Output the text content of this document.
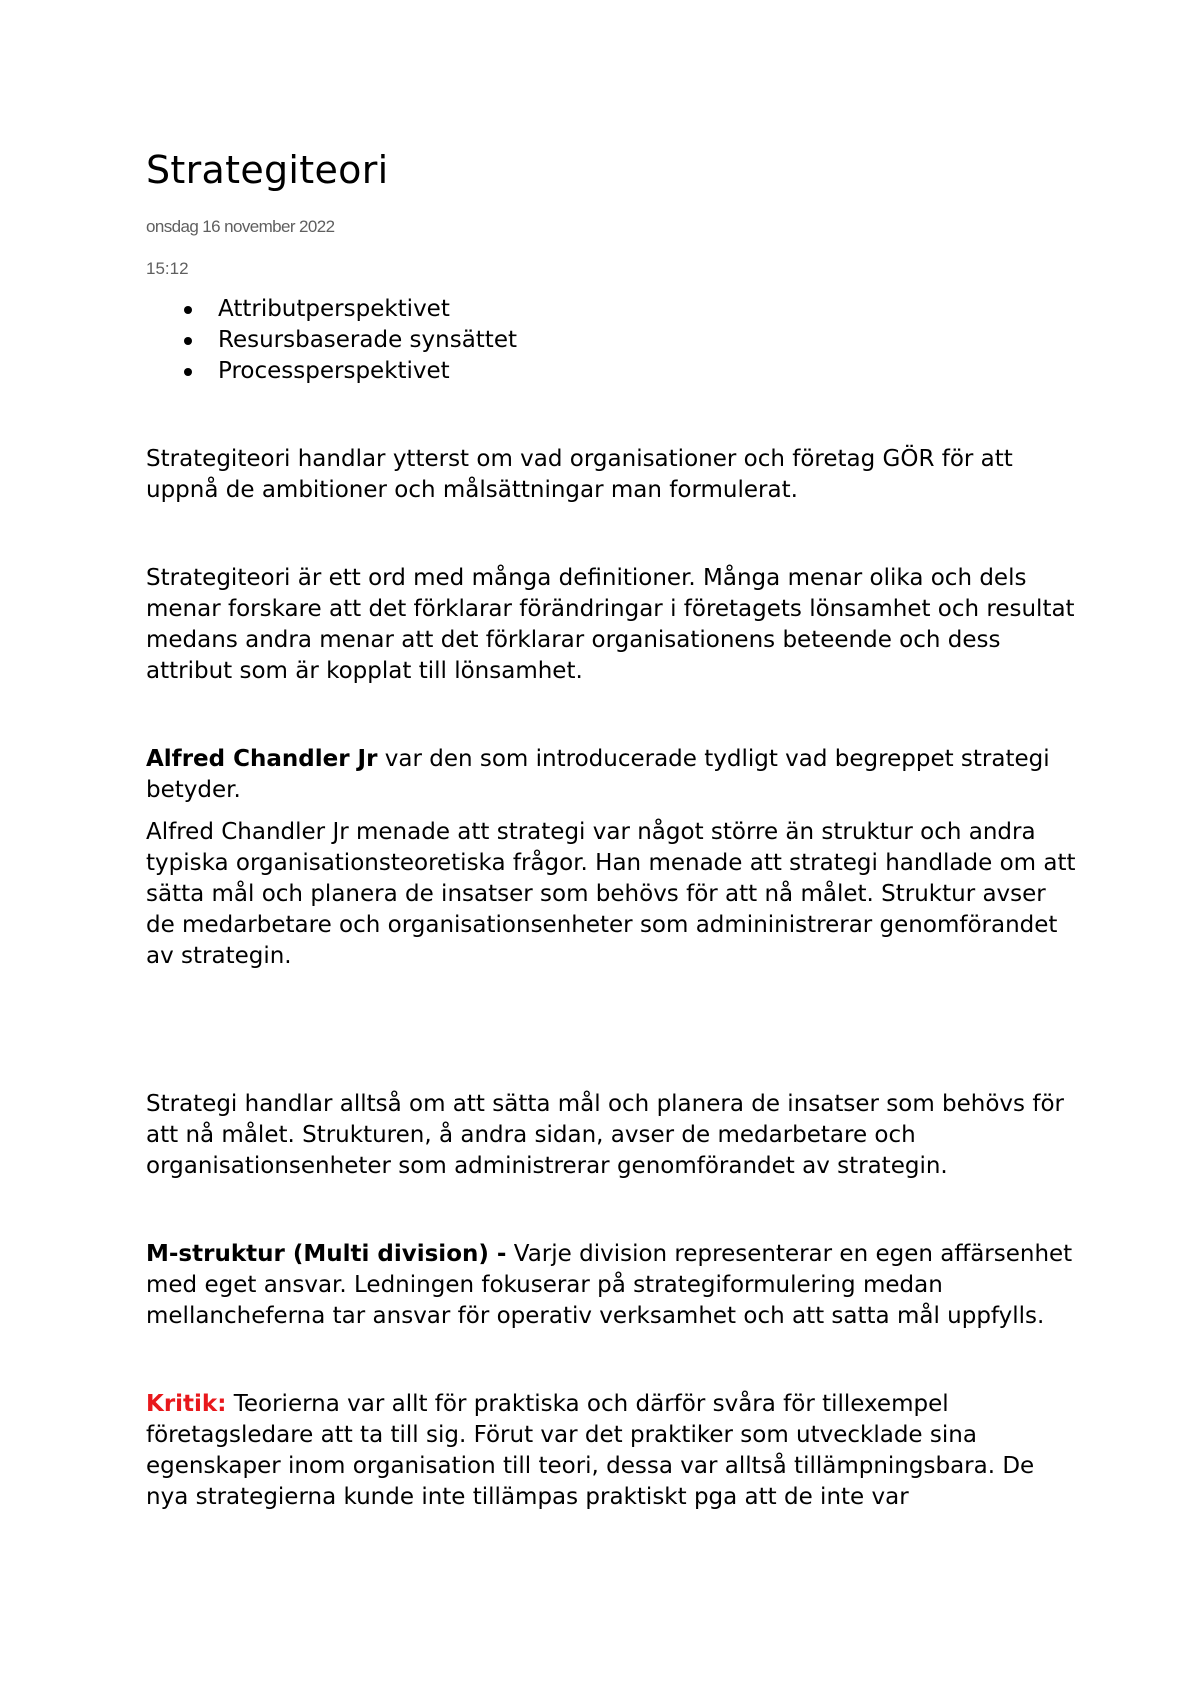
Strategiteori

onsdag 16 november 2022

15:12

Attributperspektivet
Resursbaserade synsättet
Processperspektivet

Strategiteori handlar ytterst om vad organisationer och företag GÖR för att uppnå de ambitioner och målsättningar man formulerat.

Strategiteori är ett ord med många definitioner. Många menar olika och dels menar forskare att det förklarar förändringar i företagets lönsamhet och resultat medans andra menar att det förklarar organisationens beteende och dess attribut som är kopplat till lönsamhet.

Alfred Chandler Jr var den som introducerade tydligt vad begreppet strategi betyder.

Alfred Chandler Jr menade att strategi var något större än struktur och andra typiska organisationsteoretiska frågor. Han menade att strategi handlade om att sätta mål och planera de insatser som behövs för att nå målet. Struktur avser de medarbetare och organisationsenheter som admininistrerar genomförandet av strategin.

Strategi handlar alltså om att sätta mål och planera de insatser som behövs för att nå målet. Strukturen, å andra sidan, avser de medarbetare och organisationsenheter som administrerar genomförandet av strategin.

M-struktur (Multi division) - Varje division representerar en egen affärsenhet med eget ansvar. Ledningen fokuserar på strategiformulering medan mellancheferna tar ansvar för operativ verksamhet och att satta mål uppfylls.

Kritik: Teorierna var allt för praktiska och därför svåra för tillexempel företagsledare att ta till sig. Förut var det praktiker som utvecklade sina egenskaper inom organisation till teori, dessa var alltså tillämpningsbara. De nya strategierna kunde inte tillämpas praktiskt pga att de inte var
